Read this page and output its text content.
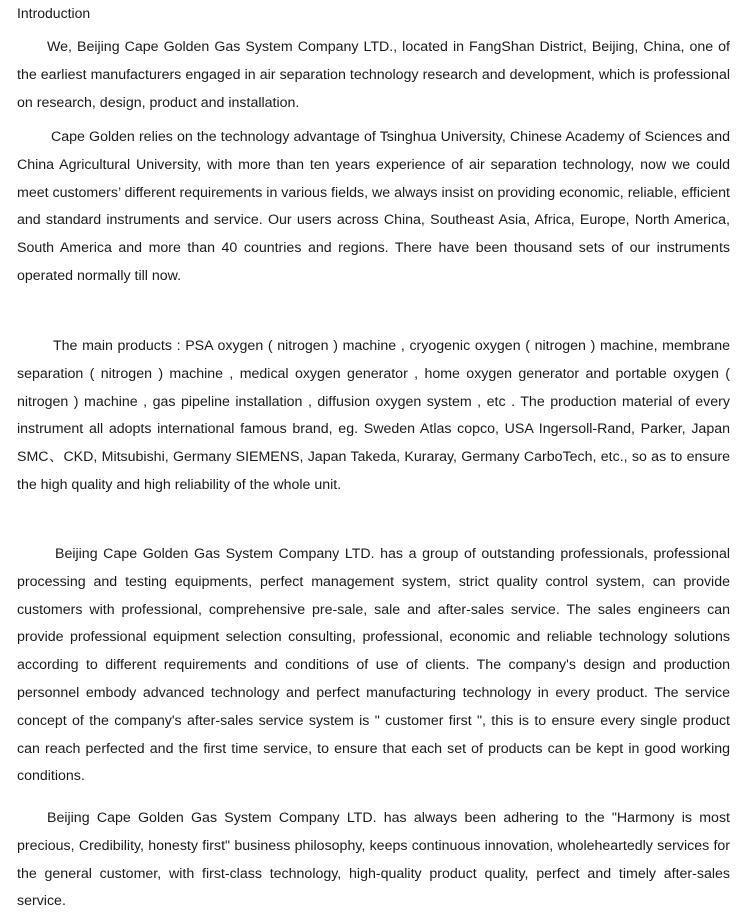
Introduction

We, Beijing Cape Golden Gas System Company LTD., located in FangShan District, Beijing, China, one of the earliest manufacturers engaged in air separation technology research and development, which is professional on research, design, product and installation.

Cape Golden relies on the technology advantage of Tsinghua University, Chinese Academy of Sciences and China Agricultural University, with more than ten years experience of air separation technology, now we could meet customers’ different requirements in various fields, we always insist on providing economic, reliable, efficient and standard instruments and service. Our users across China, Southeast Asia, Africa, Europe, North America, South America and more than 40 countries and regions. There have been thousand sets of our instruments operated normally till now.

The main products : PSA oxygen ( nitrogen ) machine , cryogenic oxygen ( nitrogen ) machine, membrane separation ( nitrogen ) machine , medical oxygen generator , home oxygen generator and portable oxygen ( nitrogen ) machine , gas pipeline installation , diffusion oxygen system , etc . The production material of every instrument all adopts international famous brand, eg. Sweden Atlas copco, USA Ingersoll-Rand, Parker, Japan SMC、CKD, Mitsubishi, Germany SIEMENS, Japan Takeda, Kuraray, Germany CarboTech, etc., so as to ensure the high quality and high reliability of the whole unit.

Beijing Cape Golden Gas System Company LTD. has a group of outstanding professionals, professional processing and testing equipments, perfect management system, strict quality control system, can provide customers with professional, comprehensive pre-sale, sale and after-sales service. The sales engineers can provide professional equipment selection consulting, professional, economic and reliable technology solutions according to different requirements and conditions of use of clients. The company's design and production personnel embody advanced technology and perfect manufacturing technology in every product. The service concept of the company's after-sales service system is " customer first ", this is to ensure every single product can reach perfected and the first time service, to ensure that each set of products can be kept in good working conditions.

Beijing Cape Golden Gas System Company LTD. has always been adhering to the "Harmony is most precious, Credibility, honesty first" business philosophy, keeps continuous innovation, wholeheartedly services for the general customer, with first-class technology, high-quality product quality, perfect and timely after-sales service.
